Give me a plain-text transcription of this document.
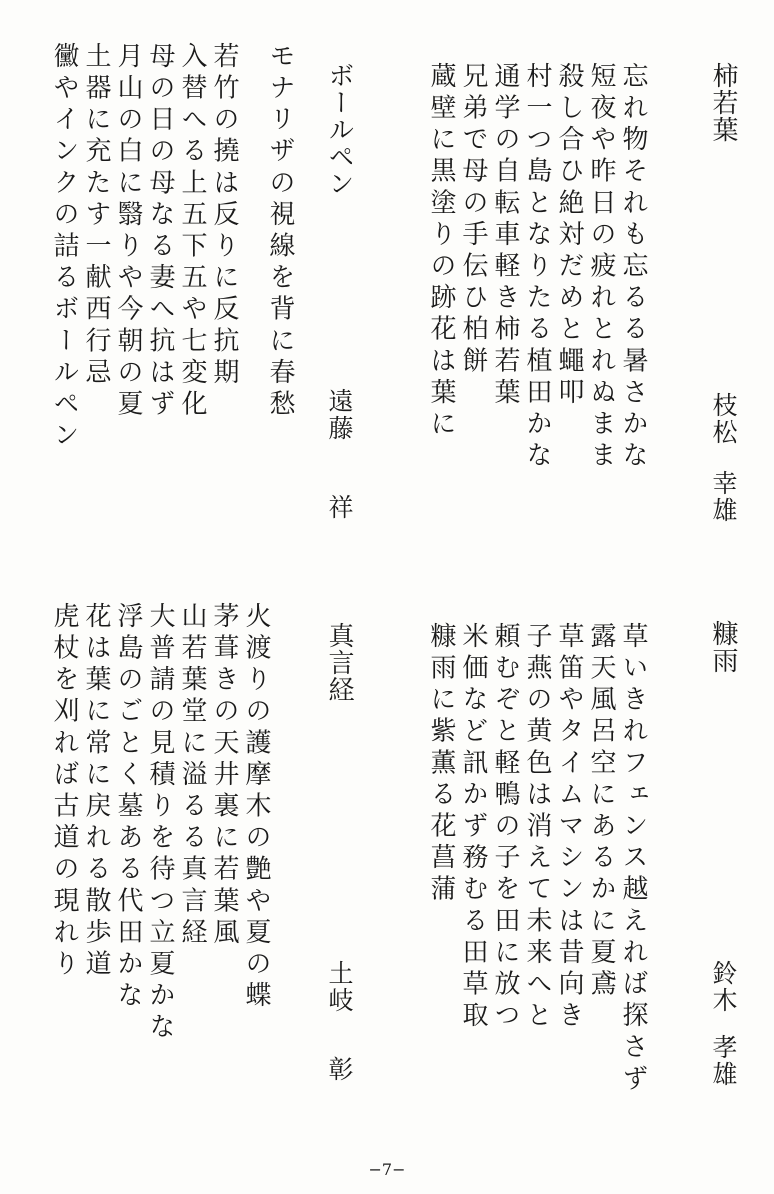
忘れ物それも忘るる暑さかな
短夜や昨日の疲れとれぬまま
殺し合ひ絶対だめと蠅叩
村一つ島となりたる植田かな
通学の自転車軽き柿若葉
兄弟で母の手伝ひ柏餅
蔵壁に黒塗りの跡花は葉に	柿若葉
枝松
幸雄
若竹の撓は反りに反抗期
入替へる上五下五や七変化
母の日の母なる妻へ抗はず
月山の白に翳りや今朝の夏
土器に充たす一献西行忌
黴やインクの詰るボールペン	モナリザの視線を背に春愁 ボールペン
遠藤
祥
草いきれフェンス越えれば探さず
露天風呂空にあるかに夏鳶
草笛やタイムマシンは昔向き
子燕の黄色は消えて未来へと
頼むぞと軽鴨の子を田に放つ
米価など訊かず務むる田草取
糠雨に紫薫る花菖蒲	糠雨
鈴木
孝雄
火渡りの護摩木の艶や夏の蝶
茅葺きの天井裏に若葉風
山若葉堂に溢るる真言経
大普請の見積りを待つ立夏かな
浮島のごとく墓ある代田かな
花は葉に常に戻れる散歩道
虎杖を刈れば古道の現れり	真言経
土岐
彰
−7−
